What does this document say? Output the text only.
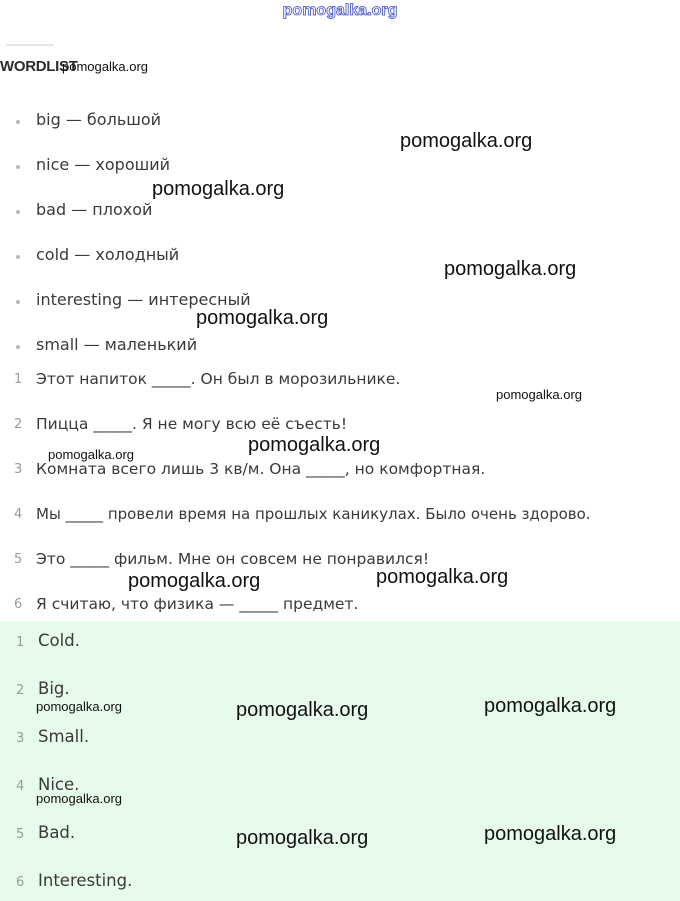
pomogalka.org
WORDLIST
big — большой
nice — хороший
bad — плохой
cold — холодный
interesting — интересный
small — маленький
1 Этот напиток _____. Он был в морозильнике.
2 Пицца _____. Я не могу всю её съесть!
3 Комната всего лишь 3 кв/м. Она _____, но комфортная.
4 Мы _____ провели время на прошлых каникулах. Было очень здорово.
5 Это _____ фильм. Мне он совсем не понравился!
6 Я считаю, что физика — _____ предмет.
1 Cold.
2 Big.
3 Small.
4 Nice.
5 Bad.
6 Interesting.
pomogalka.org
pomogalka.org
pomogalka.org
pomogalka.org
pomogalka.org
pomogalka.org
pomogalka.org
pomogalka.org
pomogalka.org
pomogalka.org
pomogalka.org
pomogalka.org	pomogalka.org
pomogalka.org
pomogalka.org
pomogalka.org
